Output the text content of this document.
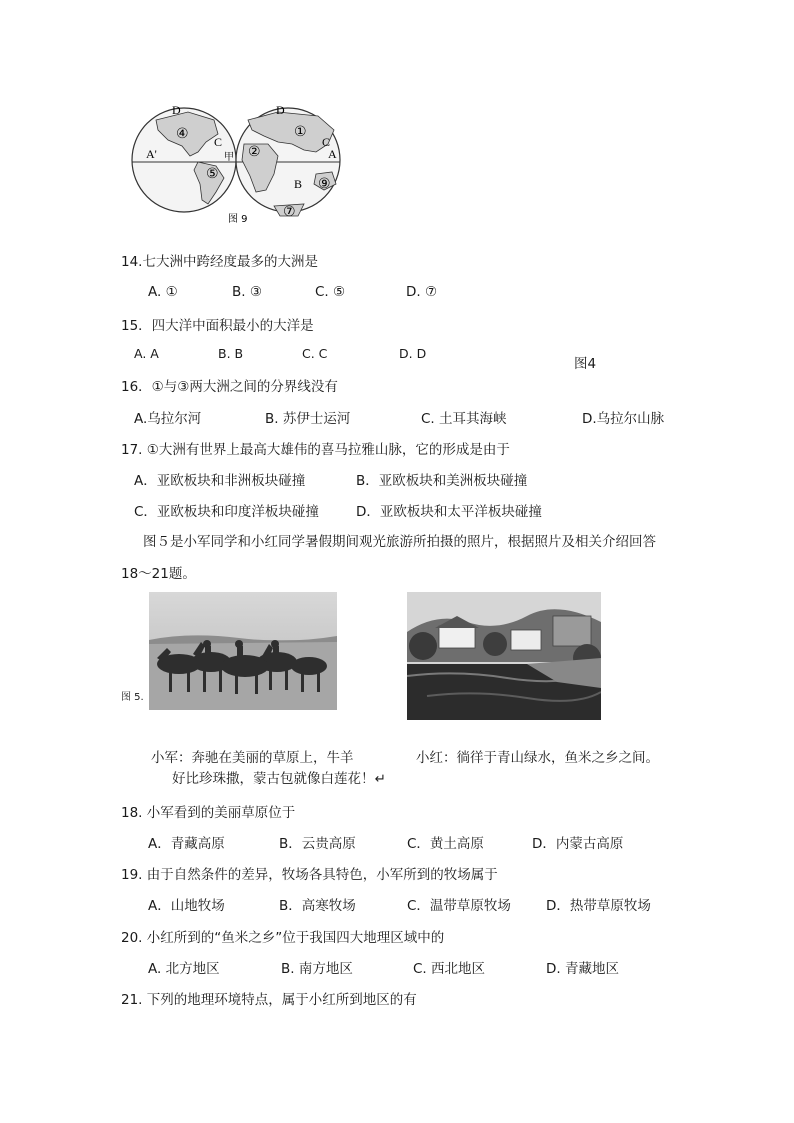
D	D
A'	A
C	C
B
甲
④
⑤
①
②
⑨
⑦
图 9
14.七大洲中跨经度最多的大洲是
A. ①	B. ③	C. ⑤	D. ⑦
15．四大洋中面积最小的大洋是
A. A	B. B	C. C	D. D
图4
16．①与③两大洲之间的分界线没有
A.乌拉尔河	B. 苏伊士运河	C. 土耳其海峡	D.乌拉尔山脉
17. ①大洲有世界上最高大雄伟的喜马拉雅山脉，它的形成是由于
A．亚欧板块和非洲板块碰撞	B．亚欧板块和美洲板块碰撞
C．亚欧板块和印度洋板块碰撞	D．亚欧板块和太平洋板块碰撞
图５是小军同学和小红同学暑假期间观光旅游所拍摄的照片，根据照片及相关介绍回答
18～21题。
图 5.
小军：奔驰在美丽的草原上，牛羊
好比珍珠撒，蒙古包就像白莲花！↵
小红：徜徉于青山绿水，鱼米之乡之间。
18. 小军看到的美丽草原位于
A．青藏高原	B．云贵高原	C．黄土高原	D．内蒙古高原
19. 由于自然条件的差异，牧场各具特色，小军所到的牧场属于
A．山地牧场	B．高寒牧场	C．温带草原牧场	D．热带草原牧场
20. 小红所到的“鱼米之乡”位于我国四大地理区域中的
A. 北方地区	B. 南方地区	C. 西北地区	D. 青藏地区
21. 下列的地理环境特点，属于小红所到地区的有
